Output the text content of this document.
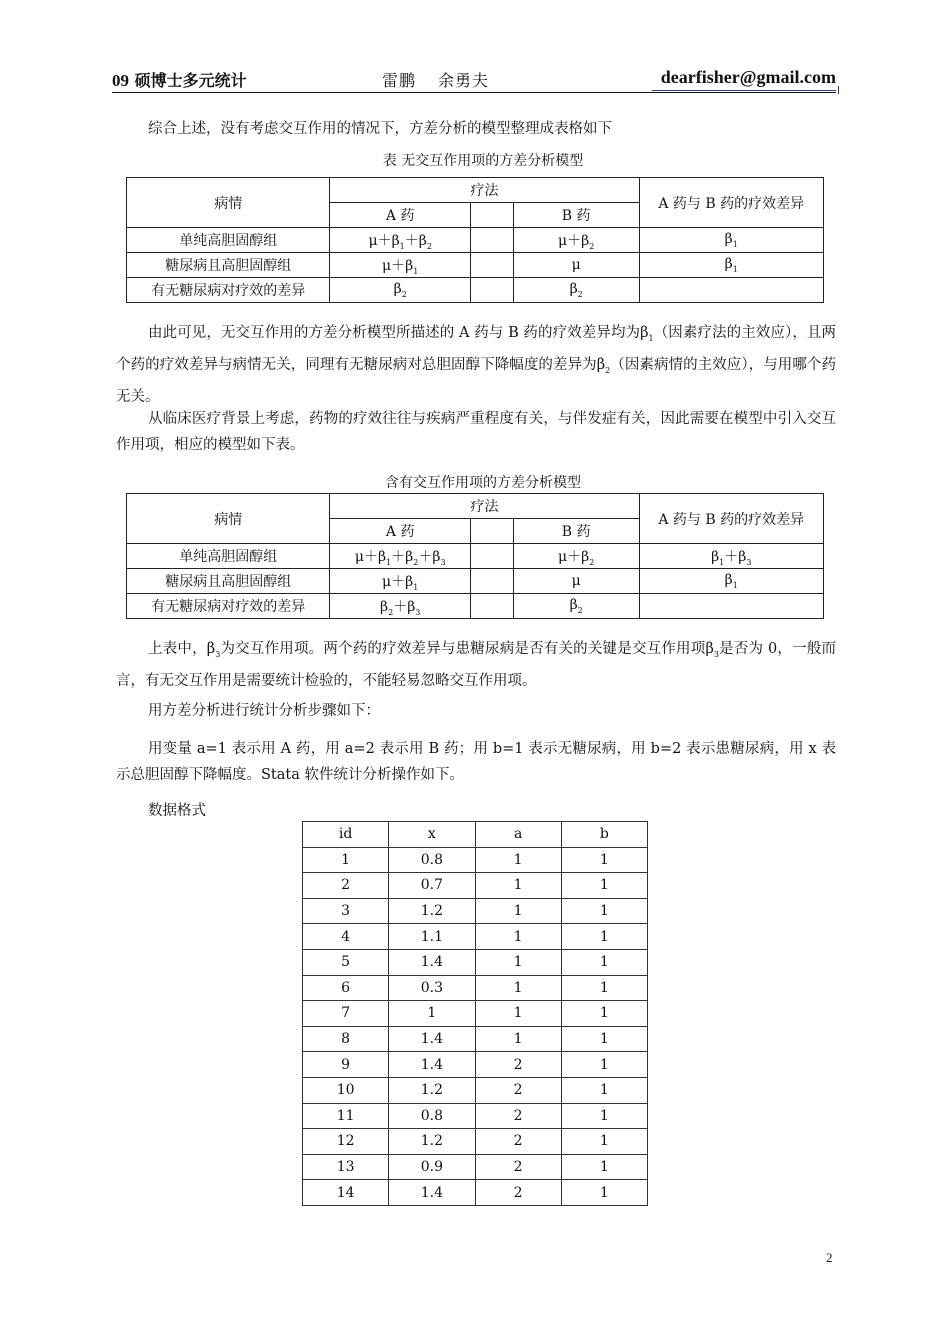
09 硕博士多元统计	雷鹏 余勇夫	dearfisher@gmail.com

综合上述，没有考虑交互作用的情况下，方差分析的模型整理成表格如下

表 无交互作用项的方差分析模型
病情	疗法			A 药与 B 药的疗效差异
	A 药		B 药	
单纯高胆固醇组	$\mu+\beta_1+\beta_2$		$\mu+\beta_2$	$\beta_1$
糖尿病且高胆固醇组	$\mu+\beta_1$		μ	$\beta_1$
有无糖尿病对疗效的差异	$\beta_2$		$\beta_2$	

由此可见，无交互作用的方差分析模型所描述的 A 药与 B 药的疗效差异均为$\beta_1$（因素疗法的主效应），且两个药的疗效差异与病情无关，同理有无糖尿病对总胆固醇下降幅度的差异为$\beta_2$（因素病情的主效应），与用哪个药无关。

从临床医疗背景上考虑，药物的疗效往往与疾病严重程度有关，与伴发症有关，因此需要在模型中引入交互作用项，相应的模型如下表。

含有交互作用项的方差分析模型
病情	疗法			A 药与 B 药的疗效差异
	A 药		B 药	
单纯高胆固醇组	$\mu+\beta_1+\beta_2+\beta_3$		$\mu+\beta_2$	$\beta_1+\beta_3$
糖尿病且高胆固醇组	$\mu+\beta_1$		μ	$\beta_1$
有无糖尿病对疗效的差异	$\beta_2+\beta_3$		$\beta_2$	

上表中，$\beta_3$为交互作用项。两个药的疗效差异与患糖尿病是否有关的关键是交互作用项$\beta_3$是否为 0，一般而言，有无交互作用是需要统计检验的，不能轻易忽略交互作用项。

用方差分析进行统计分析步骤如下：

用变量 a=1 表示用 A 药，用 a=2 表示用 B 药；用 b=1 表示无糖尿病，用 b=2 表示患糖尿病，用 x 表示总胆固醇下降幅度。Stata 软件统计分析操作如下。

数据格式

id	x	a	b
1	0.8	1	1
2	0.7	1	1
3	1.2	1	1
4	1.1	1	1
5	1.4	1	1
6	0.3	1	1
7	1	1	1
8	1.4	1	1
9	1.4	2	1
10	1.2	2	1
11	0.8	2	1
12	1.2	2	1
13	0.9	2	1
14	1.4	2	1
2
